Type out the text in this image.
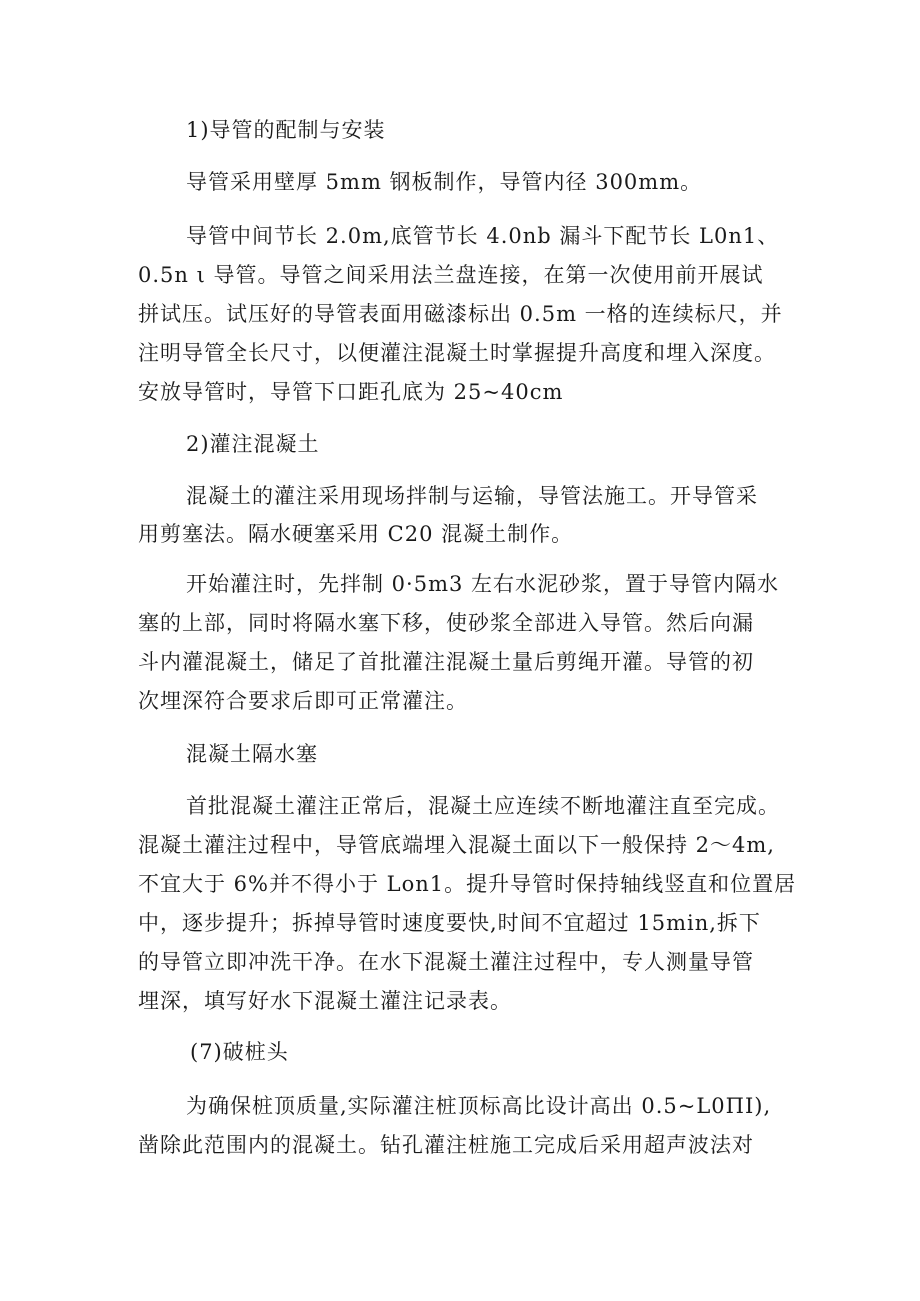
1)导管的配制与安装
导管采用壁厚 5mm 钢板制作，导管内径 300mm。
导管中间节长 2.0m,底管节长 4.0nb 漏斗下配节长 L0n1、
0.5n ι 导管。导管之间采用法兰盘连接，在第一次使用前开展试
拼试压。试压好的导管表面用磁漆标出 0.5m 一格的连续标尺，并
注明导管全长尺寸，以便灌注混凝土时掌握提升高度和埋入深度。
安放导管时，导管下口距孔底为 25~40cm
2)灌注混凝土
混凝土的灌注采用现场拌制与运输，导管法施工。开导管采
用剪塞法。隔水硬塞采用 C20 混凝土制作。
开始灌注时，先拌制 0·5m3 左右水泥砂浆，置于导管内隔水
塞的上部，同时将隔水塞下移，使砂浆全部进入导管。然后向漏
斗内灌混凝土，储足了首批灌注混凝土量后剪绳开灌。导管的初
次埋深符合要求后即可正常灌注。
混凝土隔水塞
首批混凝土灌注正常后，混凝土应连续不断地灌注直至完成。
混凝土灌注过程中，导管底端埋入混凝土面以下一般保持 2～4m,
不宜大于 6%并不得小于 Lon1。提升导管时保持轴线竖直和位置居
中，逐步提升；拆掉导管时速度要快,时间不宜超过 15min,拆下
的导管立即冲洗干净。在水下混凝土灌注过程中，专人测量导管
埋深，填写好水下混凝土灌注记录表。
(7)破桩头
为确保桩顶质量,实际灌注桩顶标高比设计高出 0.5~L0ΠI),
凿除此范围内的混凝土。钻孔灌注桩施工完成后采用超声波法对
